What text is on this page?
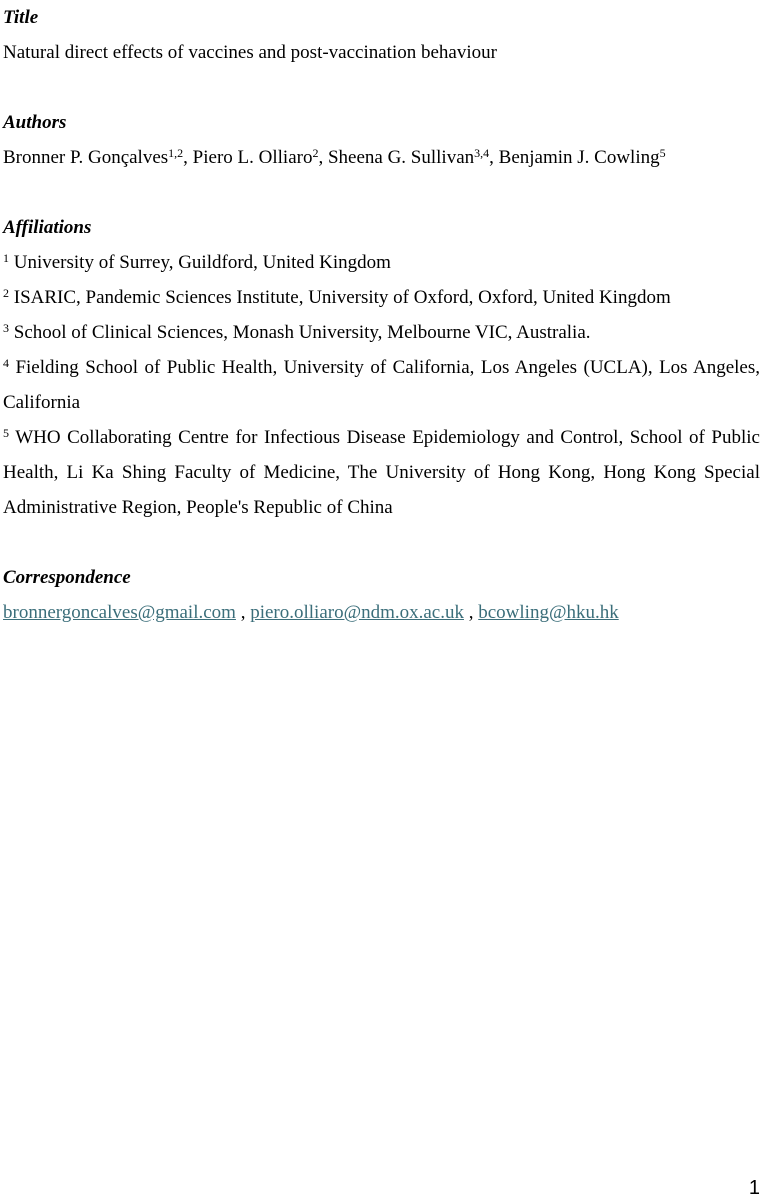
Title
Natural direct effects of vaccines and post-vaccination behaviour
Authors
Bronner P. Gonçalves$^{1,2}$, Piero L. Olliaro$^2$, Sheena G. Sullivan$^{3,4}$, Benjamin J. Cowling$^5$
Affiliations
$^1$ University of Surrey, Guildford, United Kingdom
$^2$ ISARIC, Pandemic Sciences Institute, University of Oxford, Oxford, United Kingdom
$^3$ School of Clinical Sciences, Monash University, Melbourne VIC, Australia.
$^4$ Fielding School of Public Health, University of California, Los Angeles (UCLA), Los Angeles, California
$^5$ WHO Collaborating Centre for Infectious Disease Epidemiology and Control, School of Public Health, Li Ka Shing Faculty of Medicine, The University of Hong Kong, Hong Kong Special Administrative Region, People's Republic of China
Correspondence
bronnergoncalves@gmail.com , piero.olliaro@ndm.ox.ac.uk , bcowling@hku.hk
1
